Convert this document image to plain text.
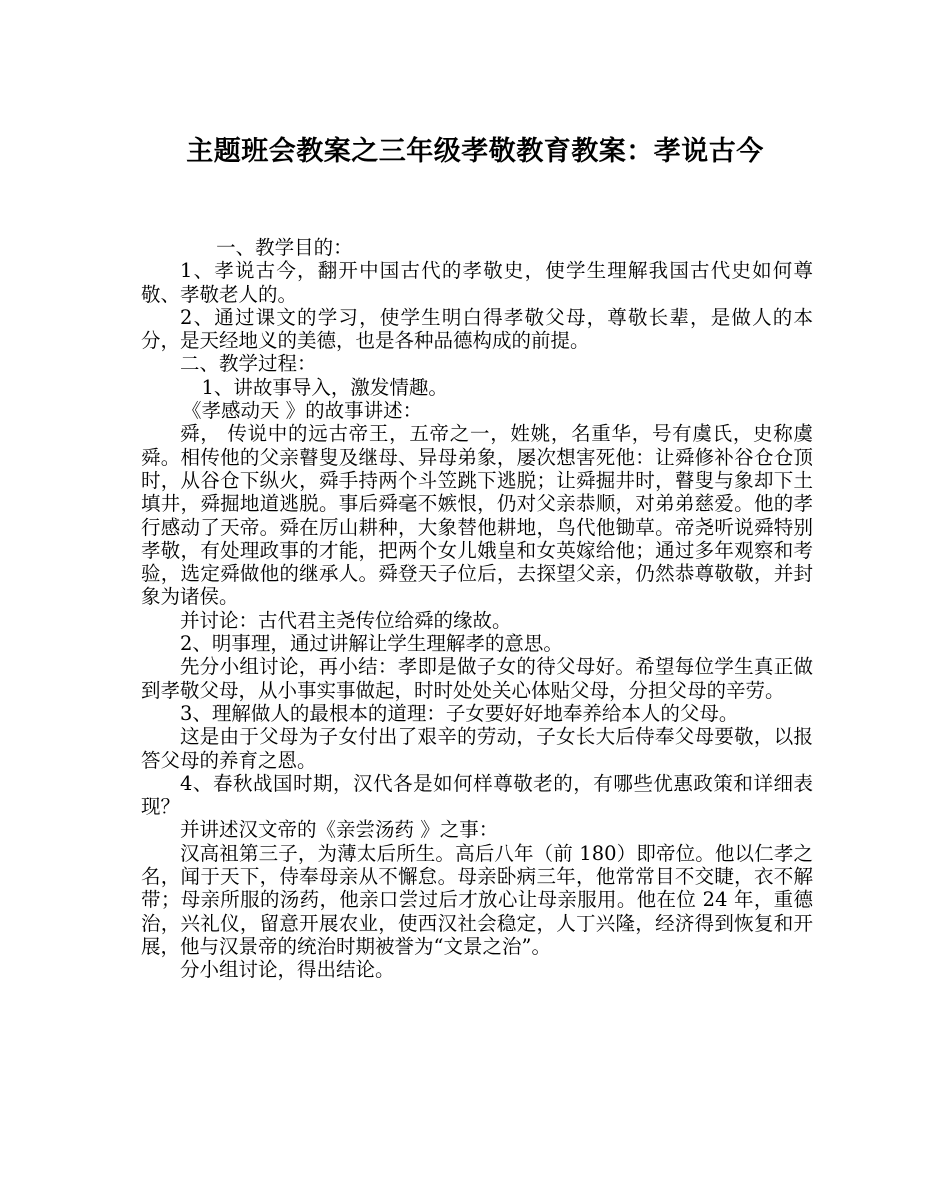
主题班会教案之三年级孝敬教育教案：孝说古今

一、教学目的：

1、孝说古今，翻开中国古代的孝敬史，使学生理解我国古代史如何尊敬、孝敬老人的。

2、通过课文的学习，使学生明白得孝敬父母，尊敬长辈，是做人的本分，是天经地义的美德，也是各种品德构成的前提。

二、教学过程：

1、讲故事导入，激发情趣。

《孝感动天 》的故事讲述：

舜， 传说中的远古帝王，五帝之一，姓姚，名重华，号有虞氏，史称虞舜。相传他的父亲瞽叟及继母、异母弟象，屡次想害死他：让舜修补谷仓仓顶时，从谷仓下纵火，舜手持两个斗笠跳下逃脱；让舜掘井时，瞽叟与象却下土填井，舜掘地道逃脱。事后舜毫不嫉恨，仍对父亲恭顺，对弟弟慈爱。他的孝行感动了天帝。舜在厉山耕种，大象替他耕地，鸟代他锄草。帝尧听说舜特别孝敬，有处理政事的才能，把两个女儿娥皇和女英嫁给他；通过多年观察和考验，选定舜做他的继承人。舜登天子位后，去探望父亲，仍然恭尊敬敬，并封象为诸侯。

并讨论：古代君主尧传位给舜的缘故。

2、明事理，通过讲解让学生理解孝的意思。

先分小组讨论，再小结：孝即是做子女的待父母好。希望每位学生真正做到孝敬父母，从小事实事做起，时时处处关心体贴父母，分担父母的辛劳。

3、理解做人的最根本的道理：子女要好好地奉养给本人的父母。

这是由于父母为子女付出了艰辛的劳动，子女长大后侍奉父母要敬，以报答父母的养育之恩。

4、春秋战国时期，汉代各是如何样尊敬老的，有哪些优惠政策和详细表现？

并讲述汉文帝的《亲尝汤药 》之事：

汉高祖第三子，为薄太后所生。高后八年（前 180）即帝位。他以仁孝之名，闻于天下，侍奉母亲从不懈怠。母亲卧病三年，他常常目不交睫，衣不解带；母亲所服的汤药，他亲口尝过后才放心让母亲服用。他在位 24 年，重德治，兴礼仪，留意开展农业，使西汉社会稳定，人丁兴隆，经济得到恢复和开展，他与汉景帝的统治时期被誉为“文景之治”。

分小组讨论，得出结论。
